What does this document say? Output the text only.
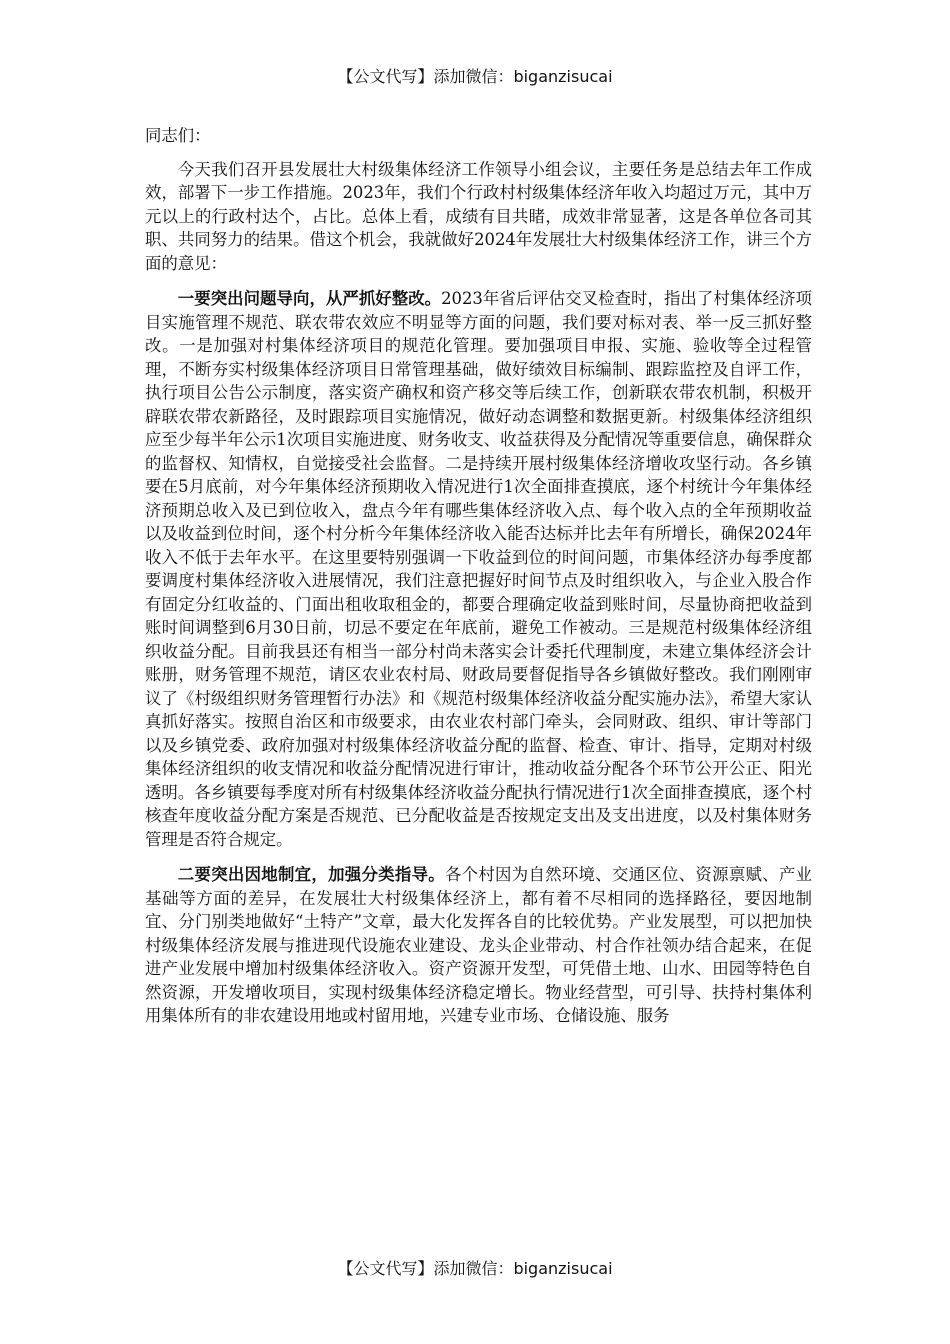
【公文代写】添加微信：biganzisucai

同志们：

今天我们召开县发展壮大村级集体经济工作领导小组会议，主要任务是总结去年工作成效，部署下一步工作措施。2023年，我们个行政村村级集体经济年收入均超过万元，其中万元以上的行政村达个，占比。总体上看，成绩有目共睹，成效非常显著，这是各单位各司其职、共同努力的结果。借这个机会，我就做好2024年发展壮大村级集体经济工作，讲三个方面的意见：

一要突出问题导向，从严抓好整改。2023年省后评估交叉检查时，指出了村集体经济项目实施管理不规范、联农带农效应不明显等方面的问题，我们要对标对表、举一反三抓好整改。一是加强对村集体经济项目的规范化管理。要加强项目申报、实施、验收等全过程管理，不断夯实村级集体经济项目日常管理基础，做好绩效目标编制、跟踪监控及自评工作，执行项目公告公示制度，落实资产确权和资产移交等后续工作，创新联农带农机制，积极开辟联农带农新路径，及时跟踪项目实施情况，做好动态调整和数据更新。村级集体经济组织应至少每半年公示1次项目实施进度、财务收支、收益获得及分配情况等重要信息，确保群众的监督权、知情权，自觉接受社会监督。二是持续开展村级集体经济增收攻坚行动。各乡镇要在5月底前，对今年集体经济预期收入情况进行1次全面排查摸底，逐个村统计今年集体经济预期总收入及已到位收入，盘点今年有哪些集体经济收入点、每个收入点的全年预期收益以及收益到位时间，逐个村分析今年集体经济收入能否达标并比去年有所增长，确保2024年收入不低于去年水平。在这里要特别强调一下收益到位的时间问题，市集体经济办每季度都要调度村集体经济收入进展情况，我们注意把握好时间节点及时组织收入，与企业入股合作有固定分红收益的、门面出租收取租金的，都要合理确定收益到账时间，尽量协商把收益到账时间调整到6月30日前，切忌不要定在年底前，避免工作被动。三是规范村级集体经济组织收益分配。目前我县还有相当一部分村尚未落实会计委托代理制度，未建立集体经济会计账册，财务管理不规范，请区农业农村局、财政局要督促指导各乡镇做好整改。我们刚刚审议了《村级组织财务管理暂行办法》和《规范村级集体经济收益分配实施办法》，希望大家认真抓好落实。按照自治区和市级要求，由农业农村部门牵头，会同财政、组织、审计等部门以及乡镇党委、政府加强对村级集体经济收益分配的监督、检查、审计、指导，定期对村级集体经济组织的收支情况和收益分配情况进行审计，推动收益分配各个环节公开公正、阳光透明。各乡镇要每季度对所有村级集体经济收益分配执行情况进行1次全面排查摸底，逐个村核查年度收益分配方案是否规范、已分配收益是否按规定支出及支出进度，以及村集体财务管理是否符合规定。

二要突出因地制宜，加强分类指导。各个村因为自然环境、交通区位、资源禀赋、产业基础等方面的差异，在发展壮大村级集体经济上，都有着不尽相同的选择路径，要因地制宜、分门别类地做好“土特产”文章，最大化发挥各自的比较优势。产业发展型，可以把加快村级集体经济发展与推进现代设施农业建设、龙头企业带动、村合作社领办结合起来，在促进产业发展中增加村级集体经济收入。资产资源开发型，可凭借土地、山水、田园等特色自然资源，开发增收项目，实现村级集体经济稳定增长。物业经营型，可引导、扶持村集体利用集体所有的非农建设用地或村留用地，兴建专业市场、仓储设施、服务

【公文代写】添加微信：biganzisucai
